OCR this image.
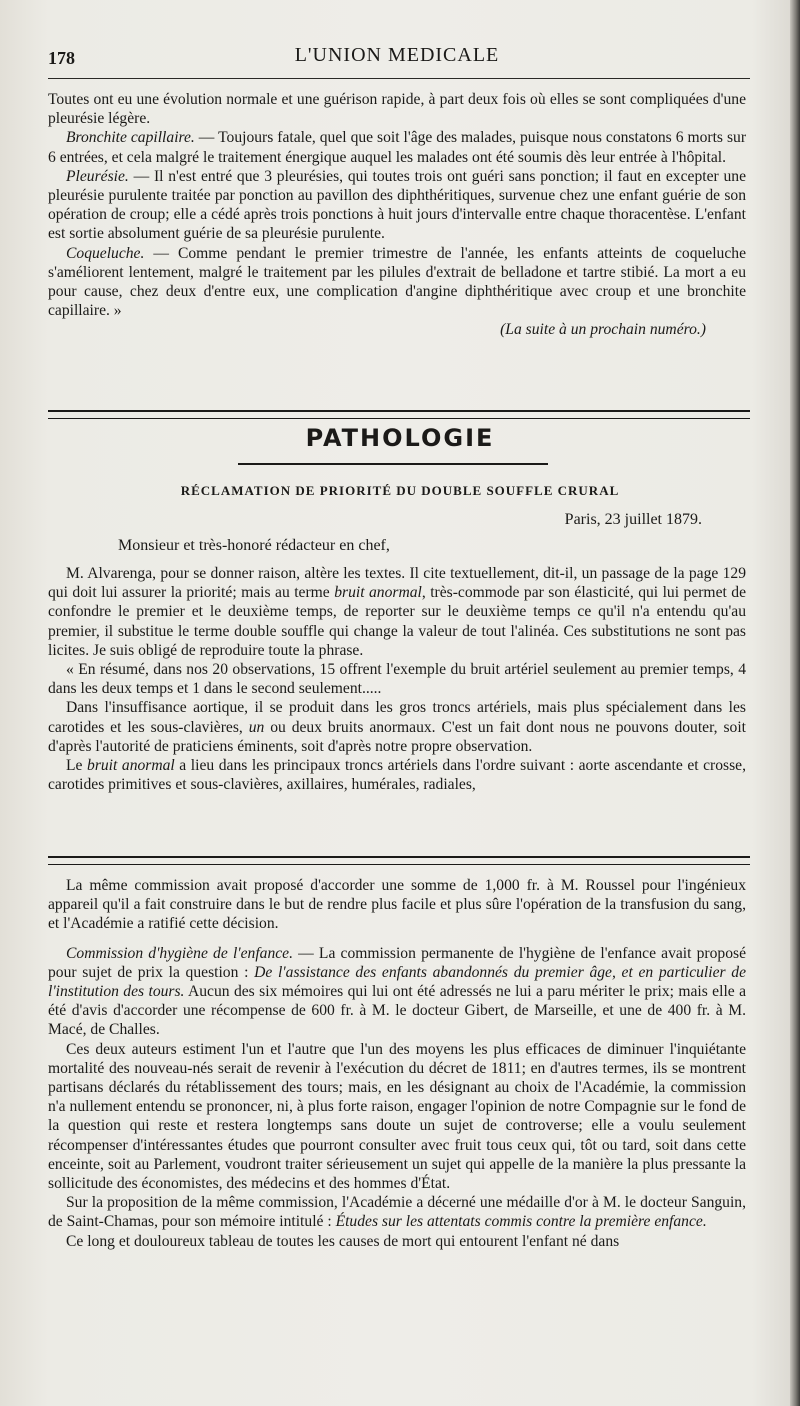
178	L'UNION MEDICALE

Toutes ont eu une évolution normale et une guérison rapide, à part deux fois où elles se sont compliquées d'une pleurésie légère.

Bronchite capillaire. — Toujours fatale, quel que soit l'âge des malades, puisque nous constatons 6 morts sur 6 entrées, et cela malgré le traitement énergique auquel les malades ont été soumis dès leur entrée à l'hôpital.

Pleurésie. — Il n'est entré que 3 pleurésies, qui toutes trois ont guéri sans ponction; il faut en excepter une pleurésie purulente traitée par ponction au pavillon des diphthéritiques, survenue chez une enfant guérie de son opération de croup; elle a cédé après trois ponctions à huit jours d'intervalle entre chaque thoracentèse. L'enfant est sortie absolument guérie de sa pleurésie purulente.

Coqueluche. — Comme pendant le premier trimestre de l'année, les enfants atteints de coqueluche s'améliorent lentement, malgré le traitement par les pilules d'extrait de belladone et tartre stibié. La mort a eu pour cause, chez deux d'entre eux, une complication d'angine diphthéritique avec croup et une bronchite capillaire. »

(La suite à un prochain numéro.)

PATHOLOGIE
RÉCLAMATION DE PRIORITÉ DU DOUBLE SOUFFLE CRURAL
Paris, 23 juillet 1879.
Monsieur et très-honoré rédacteur en chef,

M. Alvarenga, pour se donner raison, altère les textes. Il cite textuellement, dit-il, un passage de la page 129 qui doit lui assurer la priorité; mais au terme bruit anormal, très-commode par son élasticité, qui lui permet de confondre le premier et le deuxième temps, de reporter sur le deuxième temps ce qu'il n'a entendu qu'au premier, il substitue le terme double souffle qui change la valeur de tout l'alinéa. Ces substitutions ne sont pas licites. Je suis obligé de reproduire toute la phrase.

« En résumé, dans nos 20 observations, 15 offrent l'exemple du bruit artériel seulement au premier temps, 4 dans les deux temps et 1 dans le second seulement.....

Dans l'insuffisance aortique, il se produit dans les gros troncs artériels, mais plus spécialement dans les carotides et les sous-clavières, un ou deux bruits anormaux. C'est un fait dont nous ne pouvons douter, soit d'après l'autorité de praticiens éminents, soit d'après notre propre observation.

Le bruit anormal a lieu dans les principaux troncs artériels dans l'ordre suivant : aorte ascendante et crosse, carotides primitives et sous-clavières, axillaires, humérales, radiales,

La même commission avait proposé d'accorder une somme de 1,000 fr. à M. Roussel pour l'ingénieux appareil qu'il a fait construire dans le but de rendre plus facile et plus sûre l'opération de la transfusion du sang, et l'Académie a ratifié cette décision.

Commission d'hygiène de l'enfance. — La commission permanente de l'hygiène de l'enfance avait proposé pour sujet de prix la question : De l'assistance des enfants abandonnés du premier âge, et en particulier de l'institution des tours. Aucun des six mémoires qui lui ont été adressés ne lui a paru mériter le prix; mais elle a été d'avis d'accorder une récompense de 600 fr. à M. le docteur Gibert, de Marseille, et une de 400 fr. à M. Macé, de Challes.

Ces deux auteurs estiment l'un et l'autre que l'un des moyens les plus efficaces de diminuer l'inquiétante mortalité des nouveau-nés serait de revenir à l'exécution du décret de 1811; en d'autres termes, ils se montrent partisans déclarés du rétablissement des tours; mais, en les désignant au choix de l'Académie, la commission n'a nullement entendu se prononcer, ni, à plus forte raison, engager l'opinion de notre Compagnie sur le fond de la question qui reste et restera longtemps sans doute un sujet de controverse; elle a voulu seulement récompenser d'intéressantes études que pourront consulter avec fruit tous ceux qui, tôt ou tard, soit dans cette enceinte, soit au Parlement, voudront traiter sérieusement un sujet qui appelle de la manière la plus pressante la sollicitude des économistes, des médecins et des hommes d'État.

Sur la proposition de la même commission, l'Académie a décerné une médaille d'or à M. le docteur Sanguin, de Saint-Chamas, pour son mémoire intitulé : Études sur les attentats commis contre la première enfance.

Ce long et douloureux tableau de toutes les causes de mort qui entourent l'enfant né dans
